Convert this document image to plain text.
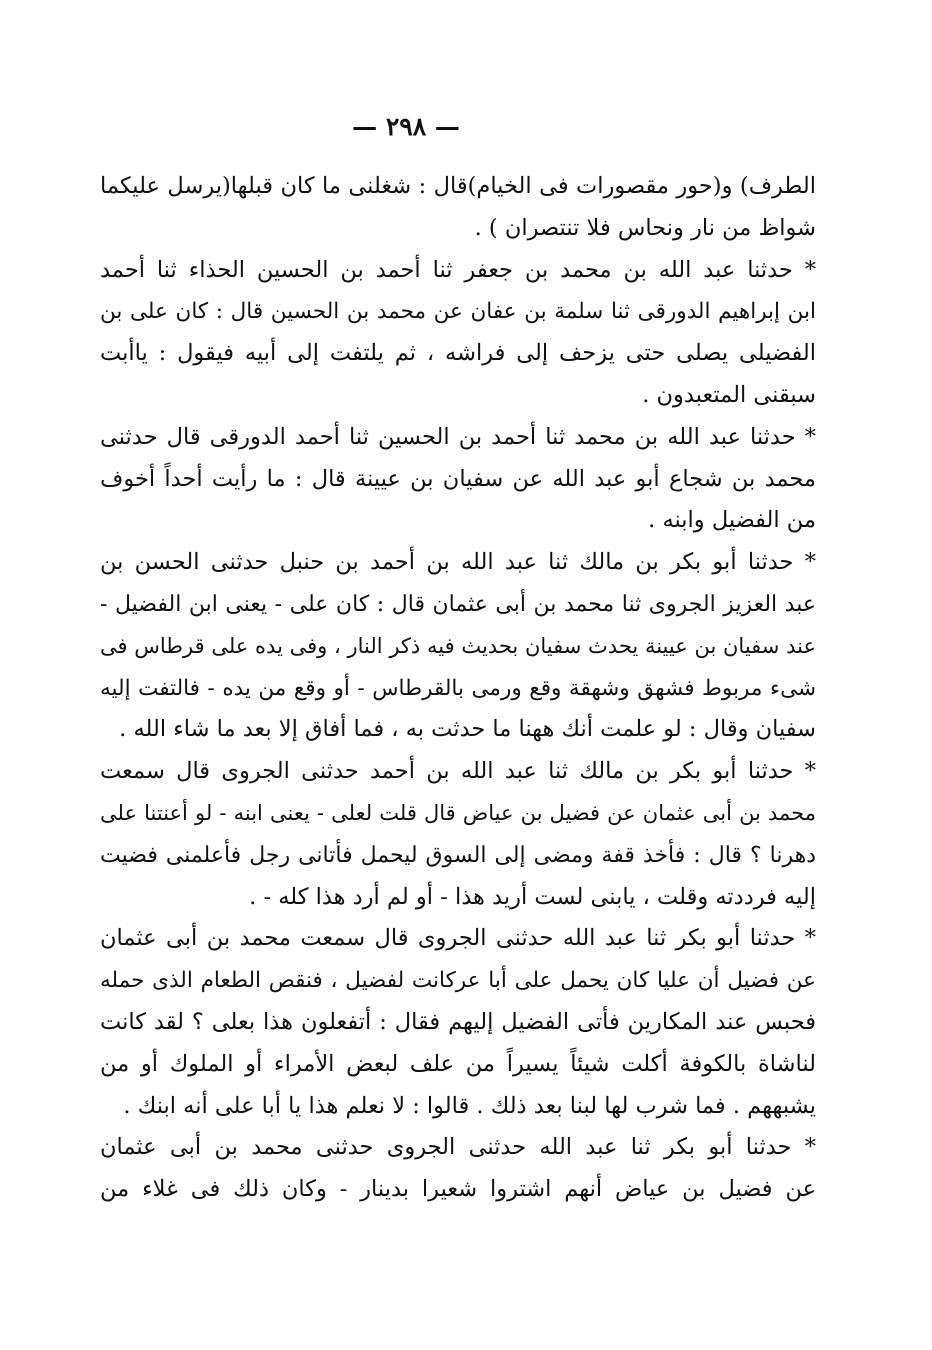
— ٢٩٨ —
الطرف) و(حور مقصورات فى الخيام)قال : شغلنى ما كان قبلها(يرسل عليكما
شواظ من نار ونحاس فلا تنتصران ) .
* حدثنا عبد الله بن محمد بن جعفر ثنا أحمد بن الحسين الحذاء ثنا أحمد
ابن إبراهيم الدورقى ثنا سلمة بن عفان عن محمد بن الحسين قال : كان على بن
الفضيلى يصلى حتى يزحف إلى فراشه ، ثم يلتفت إلى أبيه فيقول : ياأبت
سبقنى المتعبدون .
* حدثنا عبد الله بن محمد ثنا أحمد بن الحسين ثنا أحمد الدورقى قال حدثنى
محمد بن شجاع أبو عبد الله عن سفيان بن عيينة قال : ما رأيت أحداً أخوف
من الفضيل وابنه .
* حدثنا أبو بكر بن مالك ثنا عبد الله بن أحمد بن حنبل حدثنى الحسن بن
عبد العزيز الجروى ثنا محمد بن أبى عثمان قال : كان على - يعنى ابن الفضيل -
عند سفيان بن عيينة يحدث سفيان بحديث فيه ذكر النار ، وفى يده على قرطاس فى
شىء مربوط فشهق وشهقة وقع ورمى بالقرطاس - أو وقع من يده - فالتفت إليه
سفيان وقال : لو علمت أنك ههنا ما حدثت به ، فما أفاق إلا بعد ما شاء الله .
* حدثنا أبو بكر بن مالك ثنا عبد الله بن أحمد حدثنى الجروى قال سمعت
محمد بن أبى عثمان عن فضيل بن عياض قال قلت لعلى - يعنى ابنه - لو أعنتنا على
دهرنا ؟ قال : فأخذ قفة ومضى إلى السوق ليحمل فأتانى رجل فأعلمنى فضيت
إليه فرددته وقلت ، يابنى لست أريد هذا - أو لم أرد هذا كله - .
* حدثنا أبو بكر ثنا عبد الله حدثنى الجروى قال سمعت محمد بن أبى عثمان
عن فضيل أن عليا كان يحمل على أبا عركانت لفضيل ، فنقص الطعام الذى حمله
فحبس عند المكارين فأتى الفضيل إليهم فقال : أتفعلون هذا بعلى ؟ لقد كانت
لناشاة بالكوفة أكلت شيئاً يسيراً من علف لبعض الأمراء أو الملوك أو من
يشبههم . فما شرب لها لبنا بعد ذلك . قالوا : لا نعلم هذا يا أبا على أنه ابنك .
* حدثنا أبو بكر ثنا عبد الله حدثنى الجروى حدثنى محمد بن أبى عثمان
عن فضيل بن عياض أنهم اشتروا شعيرا بدينار - وكان ذلك فى غلاء من
